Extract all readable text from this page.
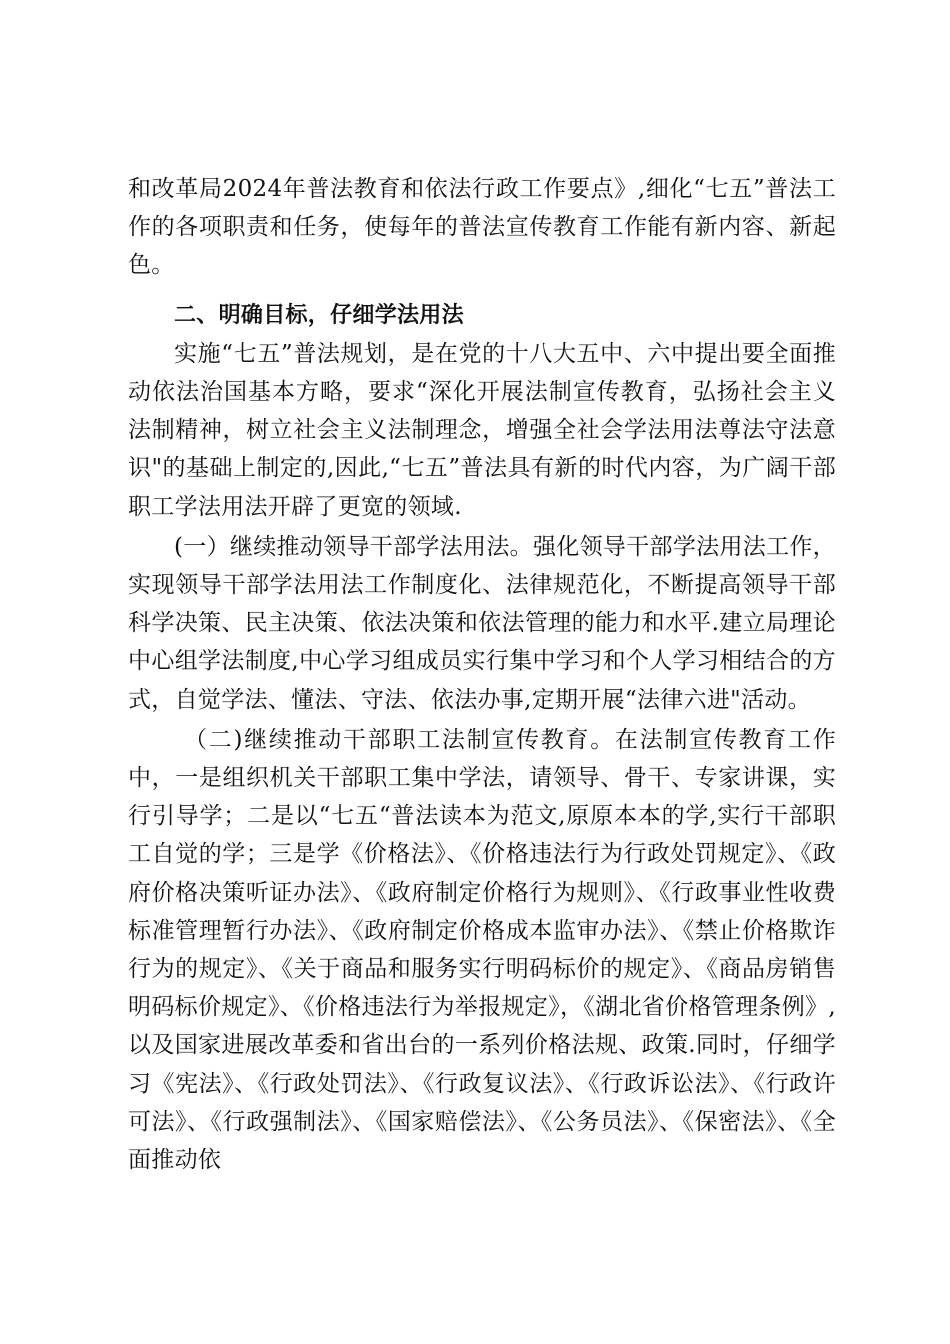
和改革局2024年普法教育和依法行政工作要点》,细化“七五”普法工作的各项职责和任务，使每年的普法宣传教育工作能有新内容、新起色。

二、明确目标，仔细学法用法

实施“七五”普法规划，是在党的十八大五中、六中提出要全面推动依法治国基本方略，要求“深化开展法制宣传教育，弘扬社会主义法制精神，树立社会主义法制理念，增强全社会学法用法尊法守法意识"的基础上制定的,因此,“七五”普法具有新的时代内容，为广阔干部职工学法用法开辟了更宽的领域.

(一）继续推动领导干部学法用法。强化领导干部学法用法工作，实现领导干部学法用法工作制度化、法律规范化，不断提高领导干部科学决策、民主决策、依法决策和依法管理的能力和水平.建立局理论中心组学法制度,中心学习组成员实行集中学习和个人学习相结合的方式，自觉学法、懂法、守法、依法办事,定期开展“法律六进"活动。

（二)继续推动干部职工法制宣传教育。在法制宣传教育工作中，一是组织机关干部职工集中学法，请领导、骨干、专家讲课，实行引导学；二是以“七五“普法读本为范文,原原本本的学,实行干部职工自觉的学；三是学《价格法》、《价格违法行为行政处罚规定》、《政府价格决策听证办法》、《政府制定价格行为规则》、《行政事业性收费标准管理暂行办法》、《政府制定价格成本监审办法》、《禁止价格欺诈行为的规定》、《关于商品和服务实行明码标价的规定》、《商品房销售明码标价规定》、《价格违法行为举报规定》，《湖北省价格管理条例》,以及国家进展改革委和省出台的一系列价格法规、政策.同时，仔细学习《宪法》、《行政处罚法》、《行政复议法》、《行政诉讼法》、《行政许可法》、《行政强制法》、《国家赔偿法》、《公务员法》、《保密法》、《全面推动依
